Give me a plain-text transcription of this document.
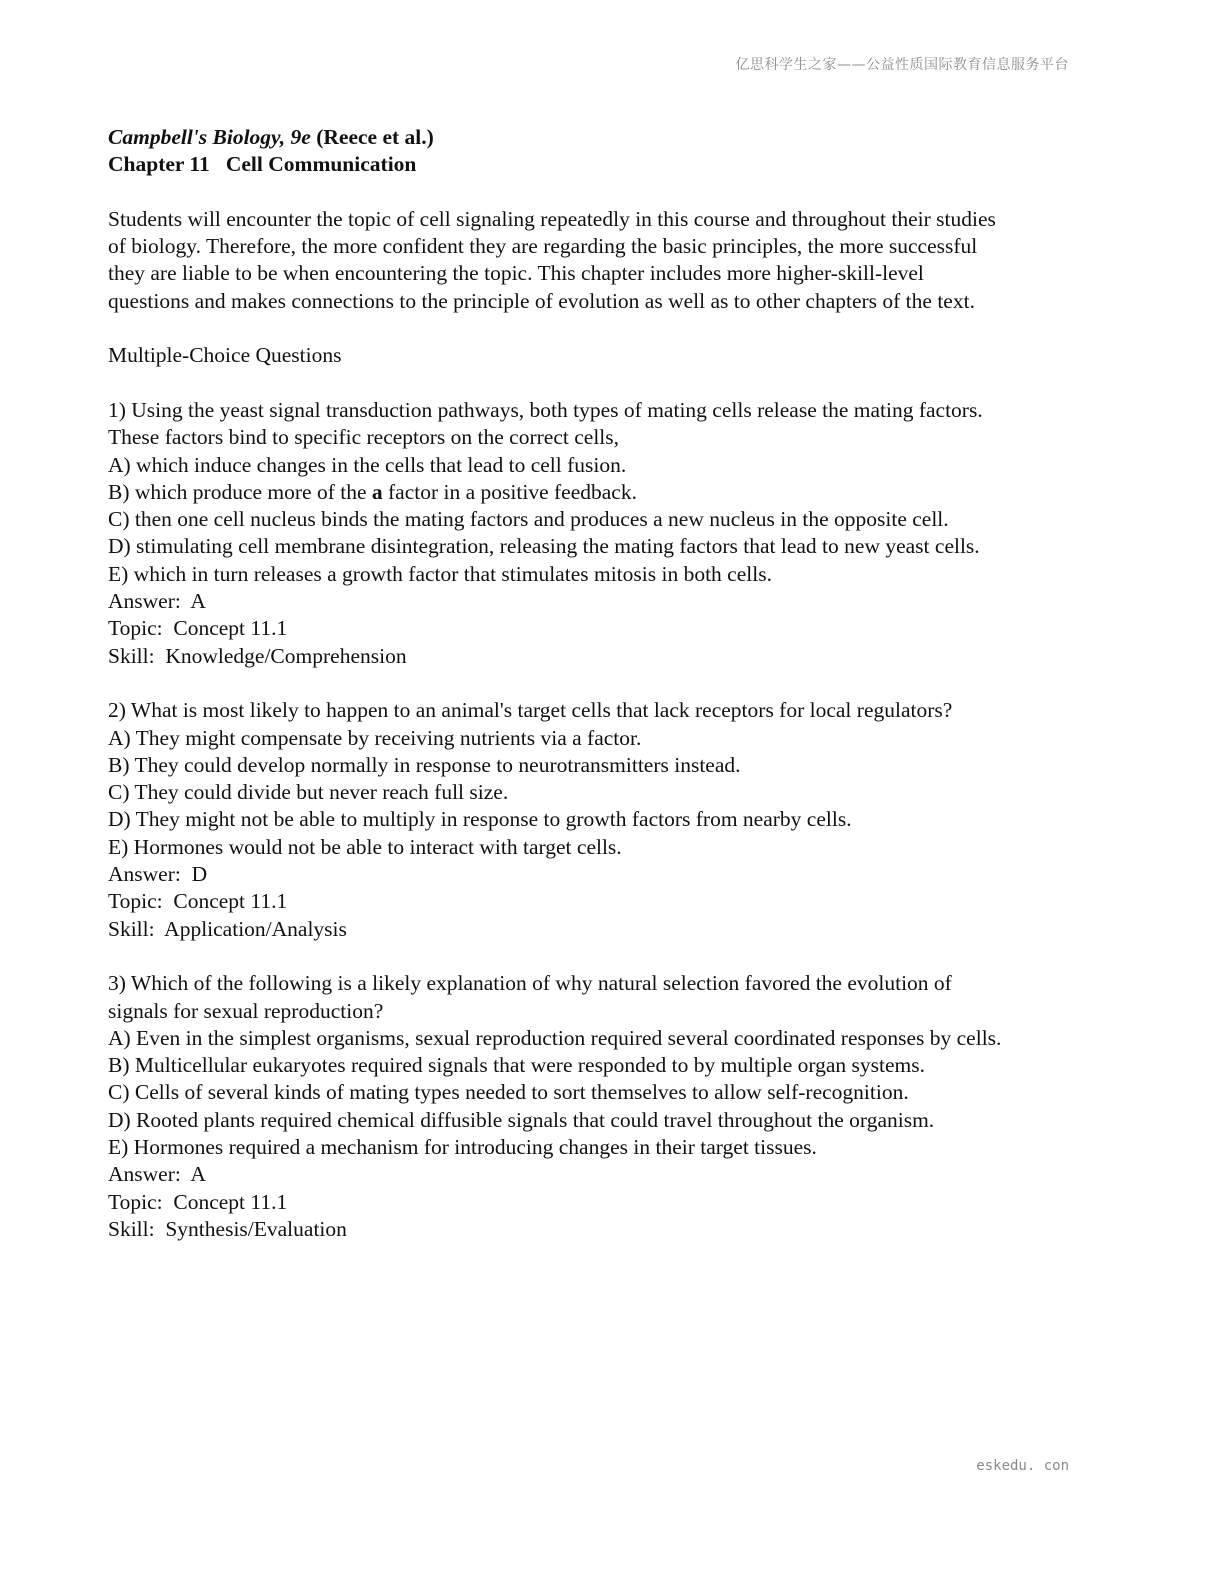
亿思科学生之家——公益性质国际教育信息服务平台
Campbell's Biology, 9e (Reece et al.)
Chapter 11   Cell Communication
Students will encounter the topic of cell signaling repeatedly in this course and throughout their studies
of biology. Therefore, the more confident they are regarding the basic principles, the more successful
they are liable to be when encountering the topic. This chapter includes more higher-skill-level
questions and makes connections to the principle of evolution as well as to other chapters of the text.
Multiple-Choice Questions
1) Using the yeast signal transduction pathways, both types of mating cells release the mating factors.
These factors bind to specific receptors on the correct cells,
A) which induce changes in the cells that lead to cell fusion.
B) which produce more of the a factor in a positive feedback.
C) then one cell nucleus binds the mating factors and produces a new nucleus in the opposite cell.
D) stimulating cell membrane disintegration, releasing the mating factors that lead to new yeast cells.
E) which in turn releases a growth factor that stimulates mitosis in both cells.
Answer:  A
Topic:  Concept 11.1
Skill:  Knowledge/Comprehension
2) What is most likely to happen to an animal's target cells that lack receptors for local regulators?
A) They might compensate by receiving nutrients via a factor.
B) They could develop normally in response to neurotransmitters instead.
C) They could divide but never reach full size.
D) They might not be able to multiply in response to growth factors from nearby cells.
E) Hormones would not be able to interact with target cells.
Answer:  D
Topic:  Concept 11.1
Skill:  Application/Analysis
3) Which of the following is a likely explanation of why natural selection favored the evolution of
signals for sexual reproduction?
A) Even in the simplest organisms, sexual reproduction required several coordinated responses by cells.
B) Multicellular eukaryotes required signals that were responded to by multiple organ systems.
C) Cells of several kinds of mating types needed to sort themselves to allow self-recognition.
D) Rooted plants required chemical diffusible signals that could travel throughout the organism.
E) Hormones required a mechanism for introducing changes in their target tissues.
Answer:  A
Topic:  Concept 11.1
Skill:  Synthesis/Evaluation
eskedu. con
